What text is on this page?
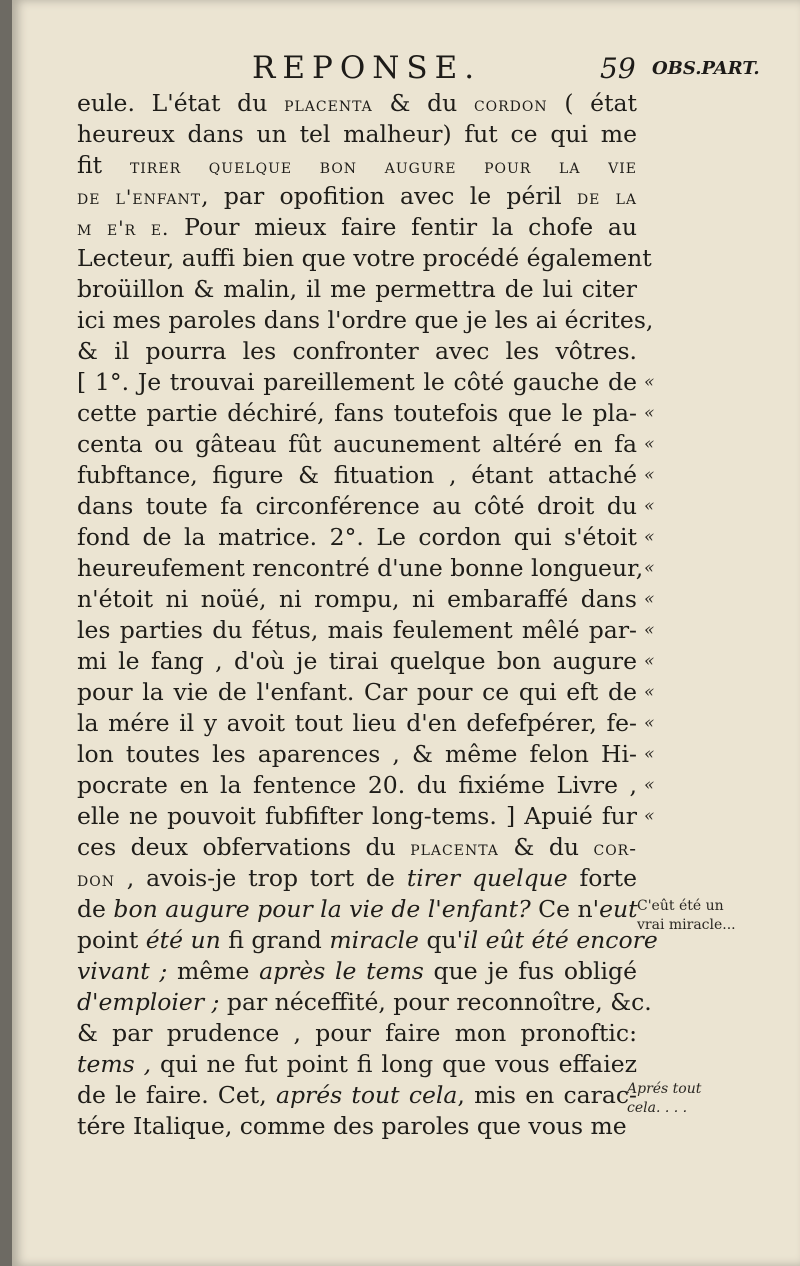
REPONSE.	59 OBS.PART.
eule. L'état du placenta & du cordon ( état
heureux dans un tel malheur) fut ce qui me
fit tirer quelque bon augure pour la vie
de l'enfant, par opofition avec le péril de la
m e'r e. Pour mieux faire fentir la chofe au
Lecteur, auffi bien que votre procédé également
broüillon & malin, il me permettra de lui citer
ici mes paroles dans l'ordre que je les ai écrites,
& il pourra les confronter avec les vôtres.
[ 1°. Je trouvai pareillement le côté gauche de
cette partie déchiré, fans toutefois que le pla-
centa ou gâteau fût aucunement altéré en fa
fubftance, figure & fituation , étant attaché
dans toute fa circonférence au côté droit du
fond de la matrice. 2°. Le cordon qui s'étoit
heureufement rencontré d'une bonne longueur,
n'étoit ni noüé, ni rompu, ni embaraffé dans
les parties du fétus, mais feulement mêlé par-
mi le fang , d'où je tirai quelque bon augure
pour la vie de l'enfant. Car pour ce qui eft de
la mére il y avoit tout lieu d'en defefpérer, fe-
lon toutes les aparences , & même felon Hi-
pocrate en la fentence 20. du fixiéme Livre ,
elle ne pouvoit fubfifter long-tems. ] Apuié fur
ces deux obfervations du placenta & du cor-
don , avois-je trop tort de tirer quelque forte
de bon augure pour la vie de l'enfant? Ce n'eut
point été un fi grand miracle qu'il eût été encore
vivant ; même après le tems que je fus obligé
d'emploier ; par néceffité, pour reconnoître, &c.
& par prudence , pour faire mon pronoftic:
tems , qui ne fut point fi long que vous effaiez
de le faire. Cet, aprés tout cela, mis en carac-
tére Italique, comme des paroles que vous me
«
«
«
«
«
«
«
«
«
«
«
«
«
«
«
C'eût été un
vrai miracle...
Aprés tout
cela. . . .
